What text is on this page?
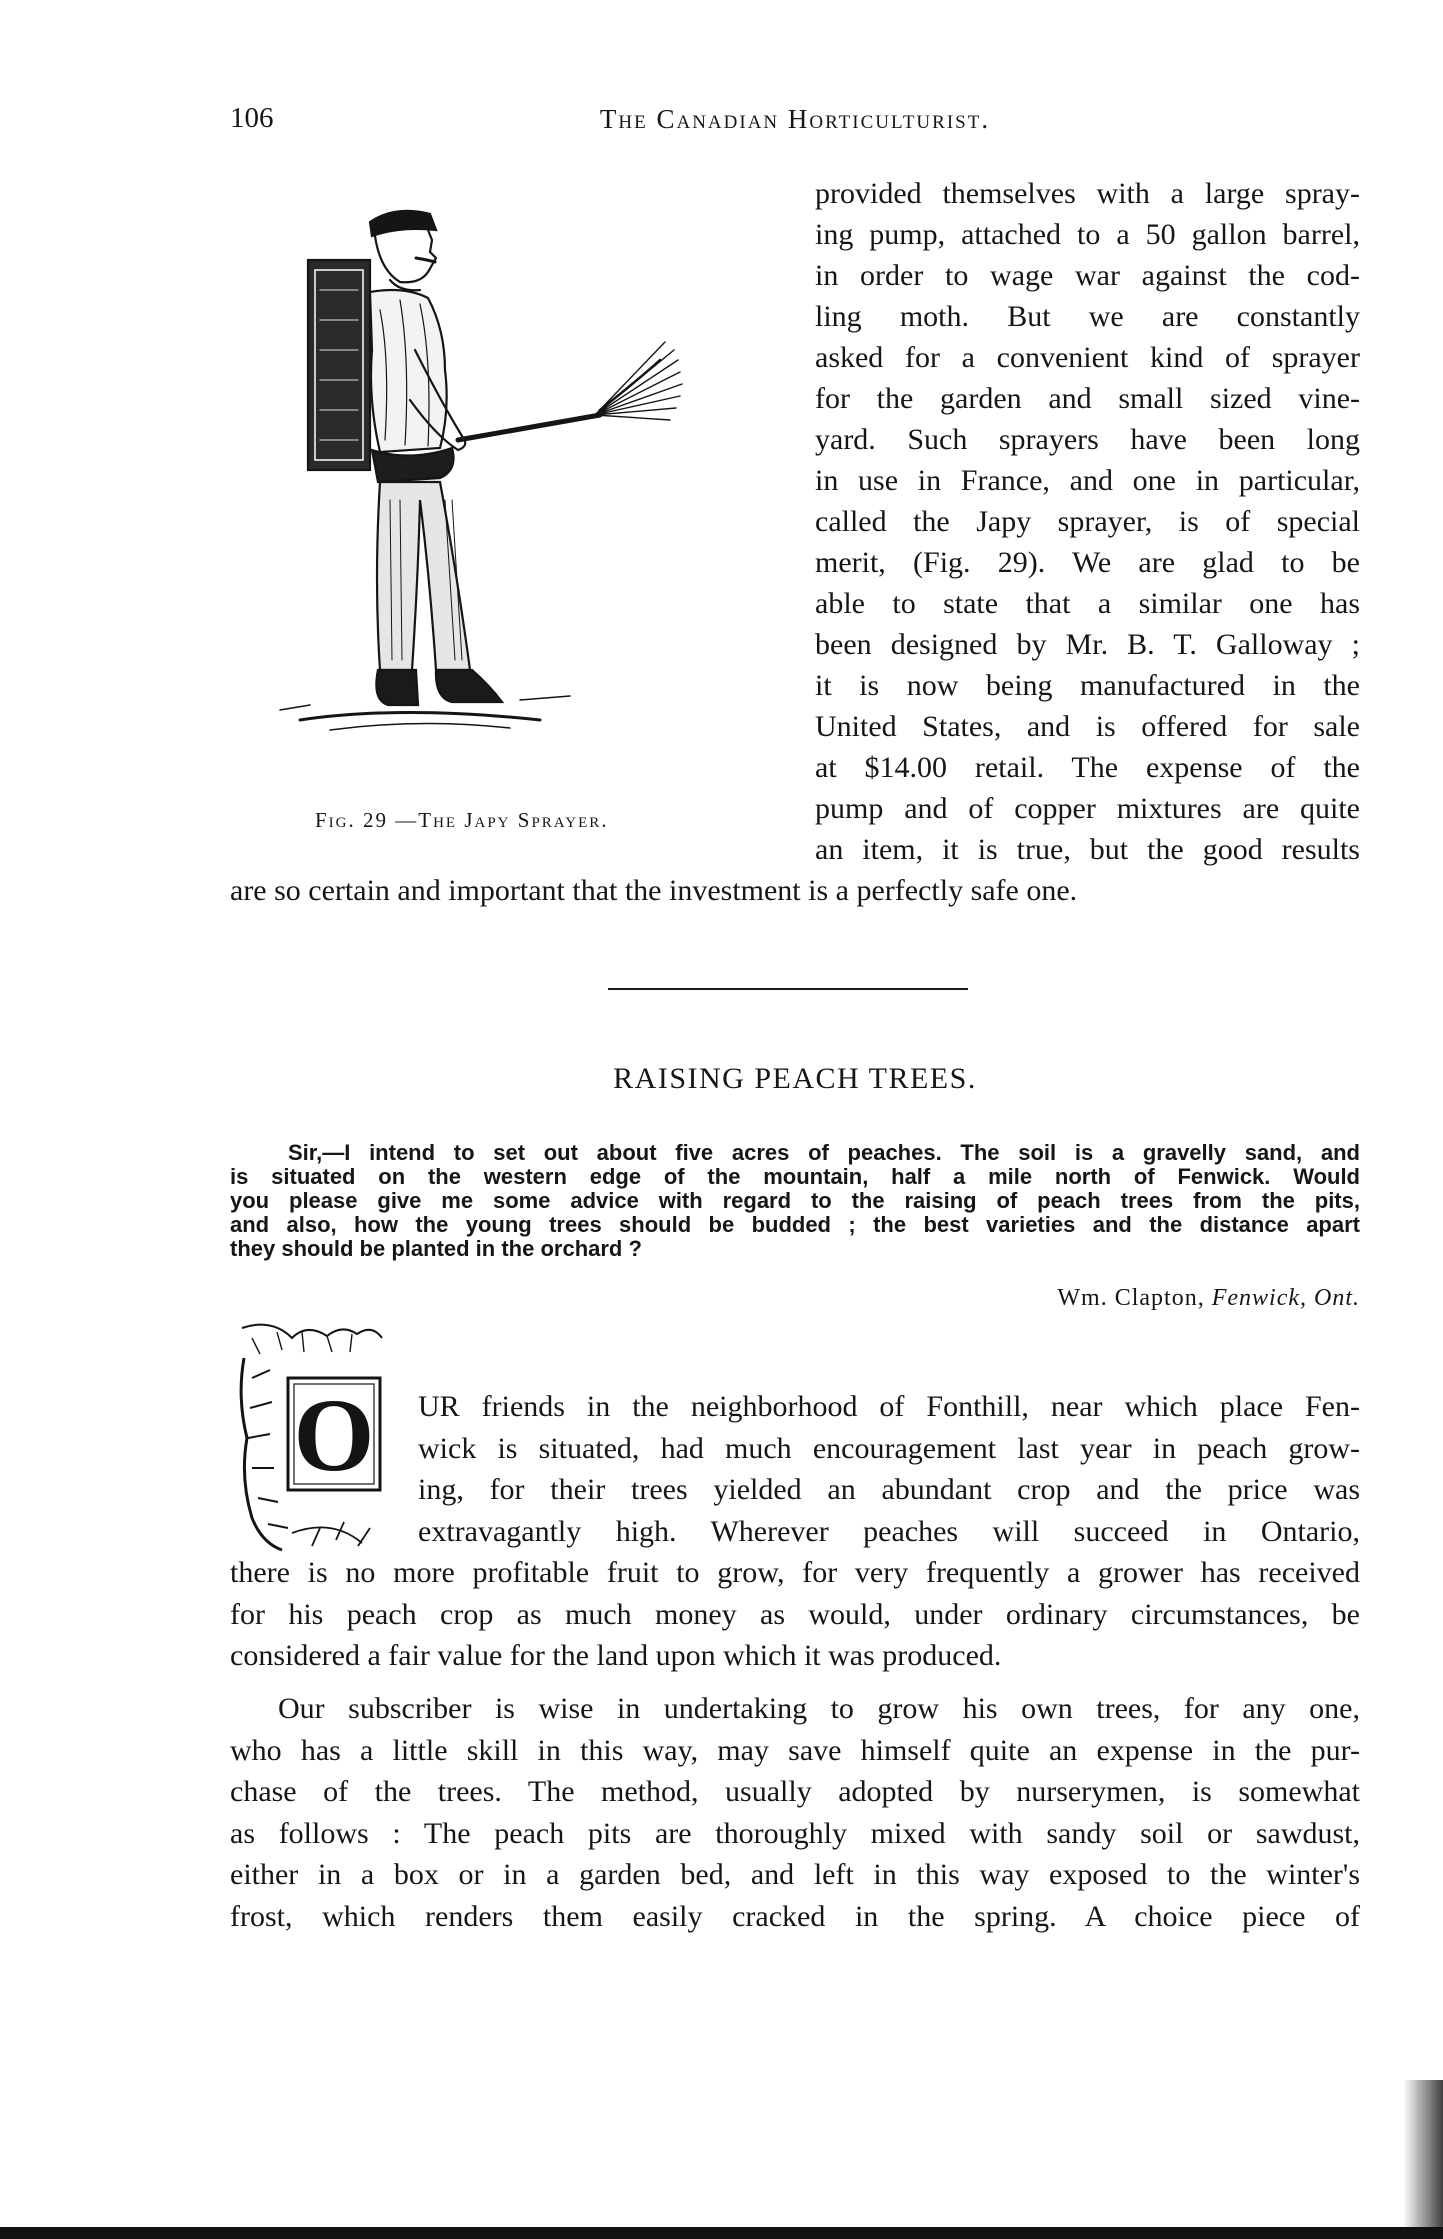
106	The Canadian Horticulturist.
Fig. 29 —The Japy Sprayer.
provided themselves with a large spray-
ing pump, attached to a 50 gallon barrel,
in order to wage war against the cod-
ling moth. But we are constantly
asked for a convenient kind of sprayer
for the garden and small sized vine-
yard. Such sprayers have been long
in use in France, and one in particular,
called the Japy sprayer, is of special
merit, (Fig. 29). We are glad to be
able to state that a similar one has
been designed by Mr. B. T. Galloway ;
it is now being manufactured in the
United States, and is offered for sale
at $14.00 retail. The expense of the
pump and of copper mixtures are quite
an item, it is true, but the good results
are so certain and important that the investment is a perfectly safe one.
RAISING PEACH TREES.
Sir,—I intend to set out about five acres of peaches. The soil is a gravelly sand, and
is situated on the western edge of the mountain, half a mile north of Fenwick. Would
you please give me some advice with regard to the raising of peach trees from the pits,
and also, how the young trees should be budded ; the best varieties and the distance apart
they should be planted in the orchard ?
Wm. Clapton, Fenwick, Ont.
O UR friends in the neighborhood of Fonthill, near which place Fen-
wick is situated, had much encouragement last year in peach grow-
ing, for their trees yielded an abundant crop and the price was
extravagantly high. Wherever peaches will succeed in Ontario,
there is no more profitable fruit to grow, for very frequently a grower has received
for his peach crop as much money as would, under ordinary circumstances, be
considered a fair value for the land upon which it was produced.
Our subscriber is wise in undertaking to grow his own trees, for any one,
who has a little skill in this way, may save himself quite an expense in the pur-
chase of the trees. The method, usually adopted by nurserymen, is somewhat
as follows : The peach pits are thoroughly mixed with sandy soil or sawdust,
either in a box or in a garden bed, and left in this way exposed to the winter's
frost, which renders them easily cracked in the spring. A choice piece of
